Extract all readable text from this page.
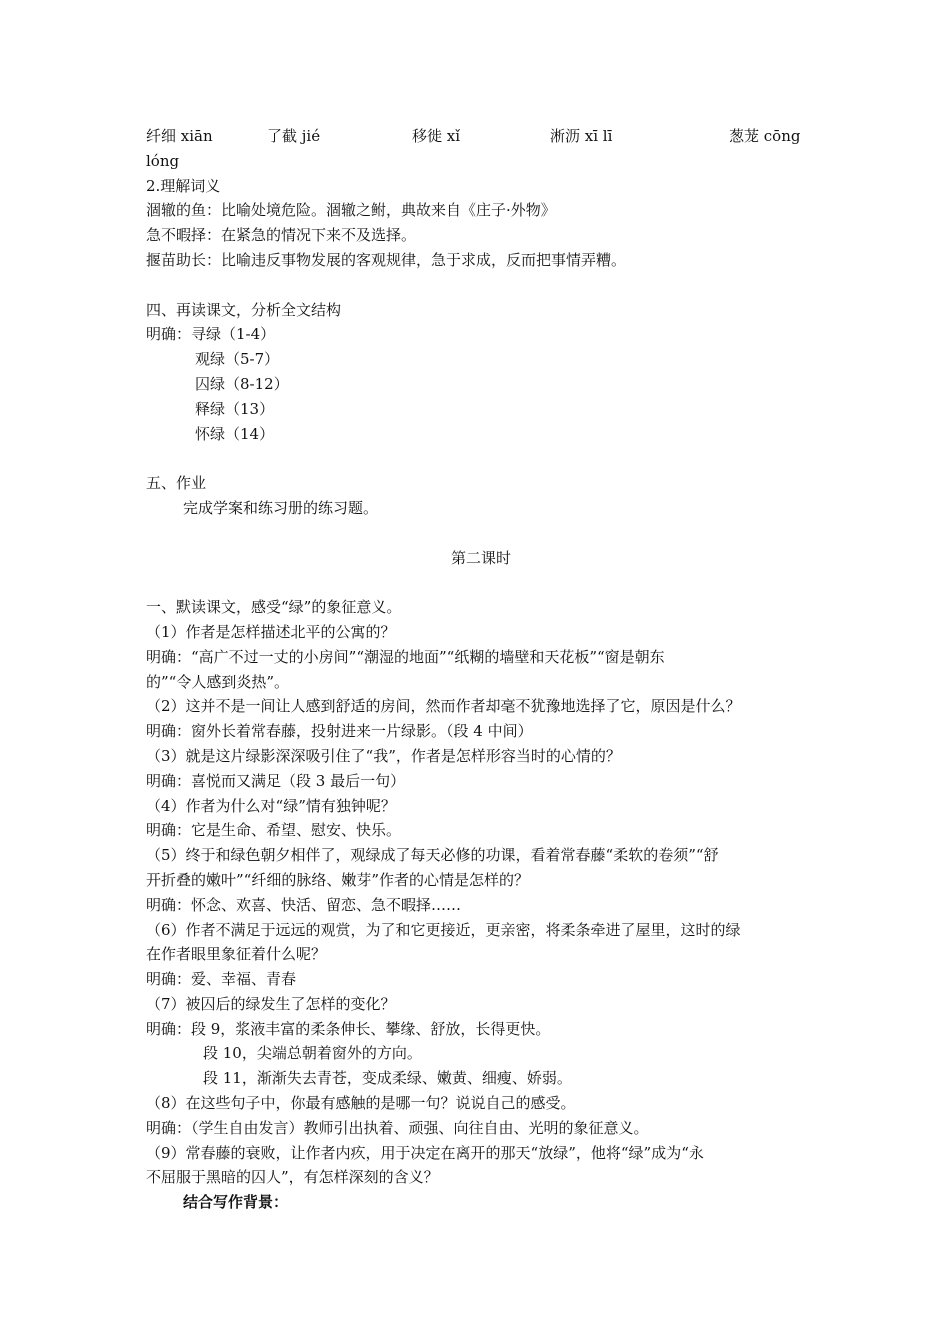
纤细 xiān	了截 jié	移徙 xǐ	淅沥 xī lī	葱茏 cōng
lóng
2.理解词义
涸辙的鱼：比喻处境危险。涸辙之鲋，典故来自《庄子·外物》
急不暇择：在紧急的情况下来不及选择。
揠苗助长：比喻违反事物发展的客观规律，急于求成，反而把事情弄糟。
四、再读课文，分析全文结构
明确：寻绿（1-4）
观绿（5-7）
囚绿（8-12）
释绿（13）
怀绿（14）
五、作业
完成学案和练习册的练习题。
第二课时
一、默读课文，感受“绿”的象征意义。
（1）作者是怎样描述北平的公寓的？
明确：“高广不过一丈的小房间”“潮湿的地面”“纸糊的墙壁和天花板”“窗是朝东
的”“令人感到炎热”。
（2）这并不是一间让人感到舒适的房间，然而作者却毫不犹豫地选择了它，原因是什么？
明确：窗外长着常春藤，投射进来一片绿影。（段 4 中间）
（3）就是这片绿影深深吸引住了“我”，作者是怎样形容当时的心情的？
明确：喜悦而又满足（段 3 最后一句）
（4）作者为什么对“绿”情有独钟呢？
明确：它是生命、希望、慰安、快乐。
（5）终于和绿色朝夕相伴了，观绿成了每天必修的功课，看着常春藤“柔软的卷须”“舒
开折叠的嫩叶”“纤细的脉络、嫩芽”作者的心情是怎样的？
明确：怀念、欢喜、快活、留恋、急不暇择……
（6）作者不满足于远远的观赏，为了和它更接近，更亲密，将柔条牵进了屋里，这时的绿
在作者眼里象征着什么呢？
明确：爱、幸福、青春
（7）被囚后的绿发生了怎样的变化？
明确：段 9，浆液丰富的柔条伸长、攀缘、舒放，长得更快。
段 10，尖端总朝着窗外的方向。
段 11，渐渐失去青苍，变成柔绿、嫩黄、细瘦、娇弱。
（8）在这些句子中，你最有感触的是哪一句？说说自己的感受。
明确：（学生自由发言）教师引出执着、顽强、向往自由、光明的象征意义。
（9）常春藤的衰败，让作者内疚，用于决定在离开的那天“放绿”，他将“绿”成为“永
不屈服于黑暗的囚人”，有怎样深刻的含义？
结合写作背景：
